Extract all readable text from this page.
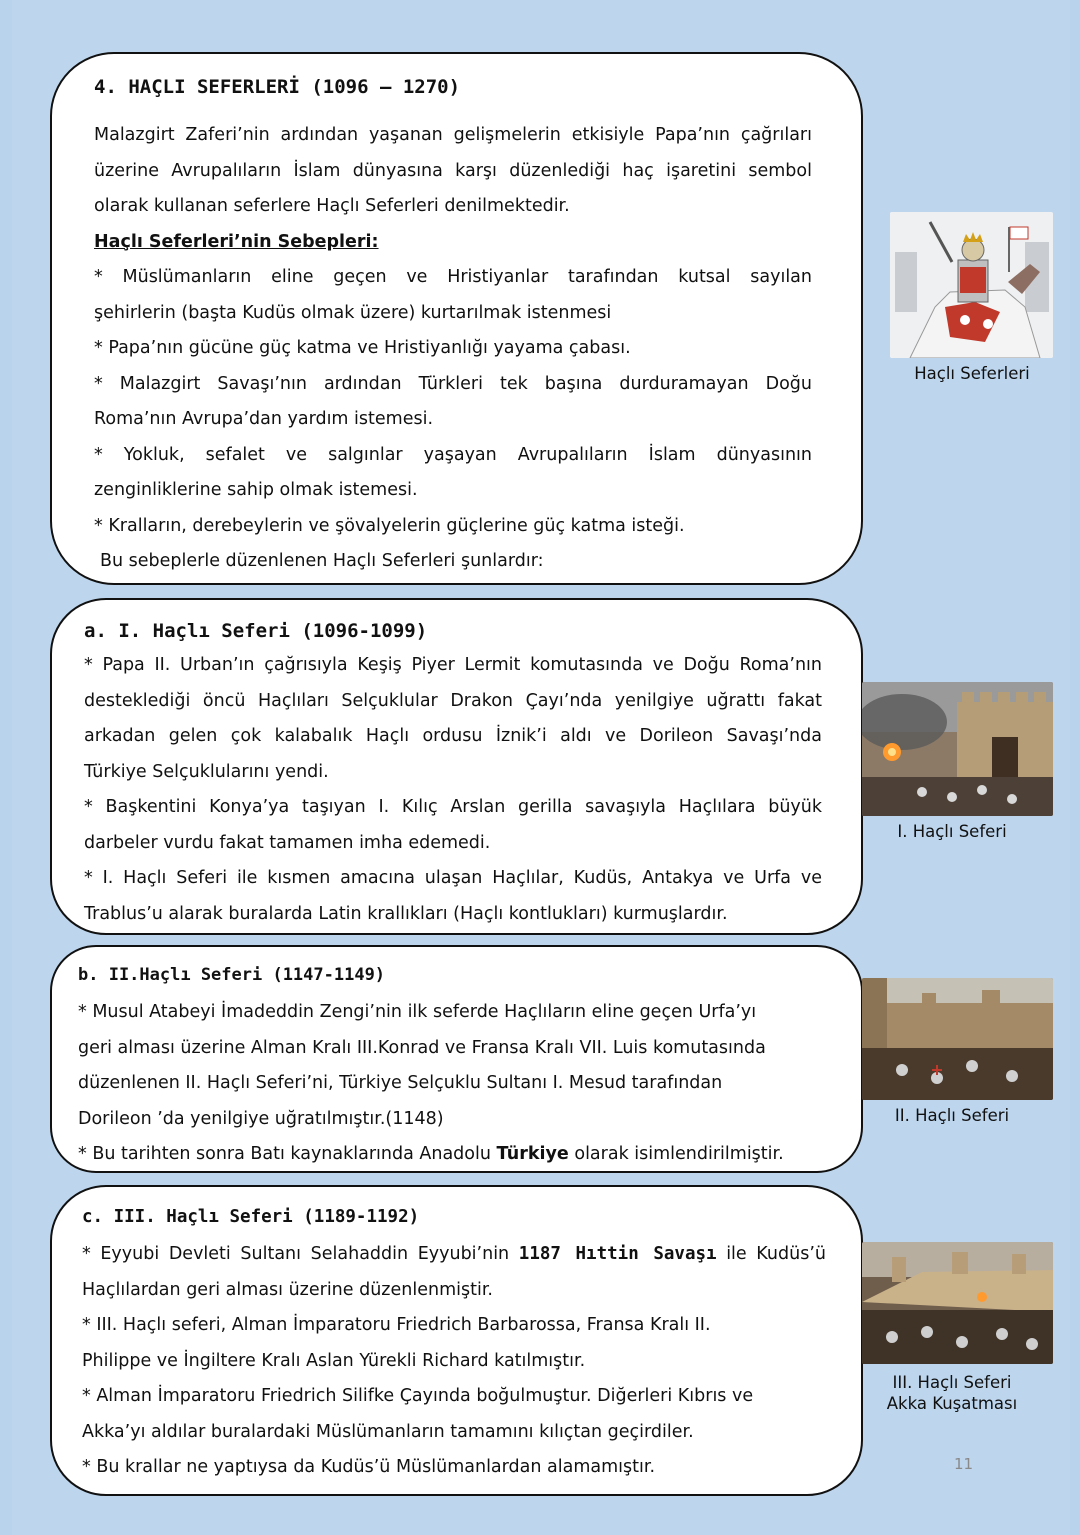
4. HAÇLI SEFERLERİ (1096 – 1270)

Malazgirt Zaferi’nin ardından yaşanan gelişmelerin etkisiyle Papa’nın çağrıları

üzerine Avrupalıların İslam dünyasına karşı düzenlediği haç işaretini sembol

olarak kullanan seferlere Haçlı Seferleri denilmektedir.

Haçlı Seferleri’nin Sebepleri:

* Müslümanların eline geçen ve Hristiyanlar tarafından kutsal sayılan

şehirlerin (başta Kudüs olmak üzere) kurtarılmak istenmesi

* Papa’nın gücüne güç katma ve Hristiyanlığı yayama çabası.

* Malazgirt Savaşı’nın ardından Türkleri tek başına durduramayan Doğu

Roma’nın Avrupa’dan yardım istemesi.

* Yokluk, sefalet ve salgınlar yaşayan Avrupalıların İslam dünyasının

zenginliklerine sahip olmak istemesi.

* Kralların, derebeylerin ve şövalyelerin güçlerine güç katma isteği.

Bu sebeplerle düzenlenen Haçlı Seferleri şunlardır:

Haçlı Seferleri
a. I. Haçlı Seferi (1096-1099)

* Papa II. Urban’ın çağrısıyla Keşiş Piyer Lermit komutasında ve Doğu Roma’nın

desteklediği öncü Haçlıları Selçuklular Drakon Çayı’nda yenilgiye uğrattı fakat

arkadan gelen çok kalabalık Haçlı ordusu İznik’i aldı ve Dorileon Savaşı’nda

Türkiye Selçuklularını yendi.

* Başkentini Konya’ya taşıyan I. Kılıç Arslan gerilla savaşıyla Haçlılara büyük

darbeler vurdu fakat tamamen imha edemedi.

* I. Haçlı Seferi ile kısmen amacına ulaşan Haçlılar, Kudüs, Antakya ve Urfa ve

Trablus’u alarak buralarda Latin krallıkları (Haçlı kontlukları) kurmuşlardır.

I. Haçlı Seferi
b. II.Haçlı Seferi (1147-1149)

* Musul Atabeyi İmadeddin Zengi’nin ilk seferde Haçlıların eline geçen Urfa’yı

geri alması üzerine Alman Kralı III.Konrad ve Fransa Kralı VII. Luis komutasında

düzenlenen II. Haçlı Seferi’ni, Türkiye Selçuklu Sultanı I. Mesud tarafından

Dorileon ’da yenilgiye uğratılmıştır.(1148)

* Bu tarihten sonra Batı kaynaklarında Anadolu Türkiye olarak isimlendirilmiştir.

II. Haçlı Seferi
c. III. Haçlı Seferi (1189-1192)

* Eyyubi Devleti Sultanı Selahaddin Eyyubi’nin 1187 Hıttin Savaşı ile Kudüs’ü

Haçlılardan geri alması üzerine düzenlenmiştir.

* III. Haçlı seferi, Alman İmparatoru Friedrich Barbarossa, Fransa Kralı II.

Philippe ve İngiltere Kralı Aslan Yürekli Richard katılmıştır.

* Alman İmparatoru Friedrich Silifke Çayında boğulmuştur. Diğerleri Kıbrıs ve

Akka’yı aldılar buralardaki Müslümanların tamamını kılıçtan geçirdiler.

* Bu krallar ne yaptıysa da Kudüs’ü Müslümanlardan alamamıştır.

III. Haçlı Seferi
Akka Kuşatması
11
